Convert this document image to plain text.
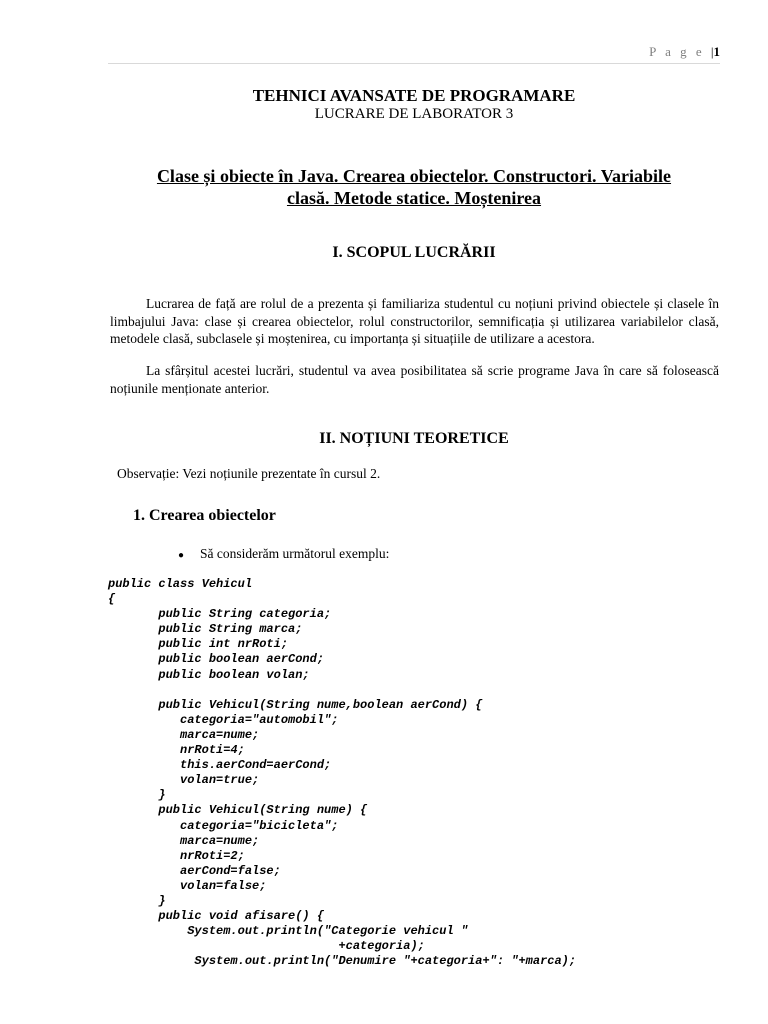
P a g e |1
TEHNICI AVANSATE DE PROGRAMARE
LUCRARE DE LABORATOR 3
Clase și obiecte în Java. Crearea obiectelor. Constructori. Variabile
clasă. Metode statice. Moștenirea
I. SCOPUL LUCRĂRII
Lucrarea de față are rolul de a prezenta și familiariza studentul cu noțiuni privind obiectele și clasele în limbajului Java: clase și crearea obiectelor, rolul constructorilor, semnificația și utilizarea variabilelor clasă, metodele clasă, subclasele și moștenirea, cu importanța și situațiile de utilizare a acestora.
La sfârșitul acestei lucrări, studentul va avea posibilitatea să scrie programe Java în care să folosească noțiunile menționate anterior.
II. NOȚIUNI TEORETICE
Observație: Vezi noțiunile prezentate în cursul 2.
1. Crearea obiectelor
● Să considerăm următorul exemplu:
public class Vehicul
{
public String categoria;
public String marca;
public int nrRoti;
public boolean aerCond;
public boolean volan;
public Vehicul(String nume,boolean aerCond) {
categoria="automobil";
marca=nume;
nrRoti=4;
this.aerCond=aerCond;
volan=true;
}
public Vehicul(String nume) {
categoria="bicicleta";
marca=nume;
nrRoti=2;
aerCond=false;
volan=false;
}
public void afisare() {
System.out.println("Categorie vehicul "
+categoria);
System.out.println("Denumire "+categoria+": "+marca);
